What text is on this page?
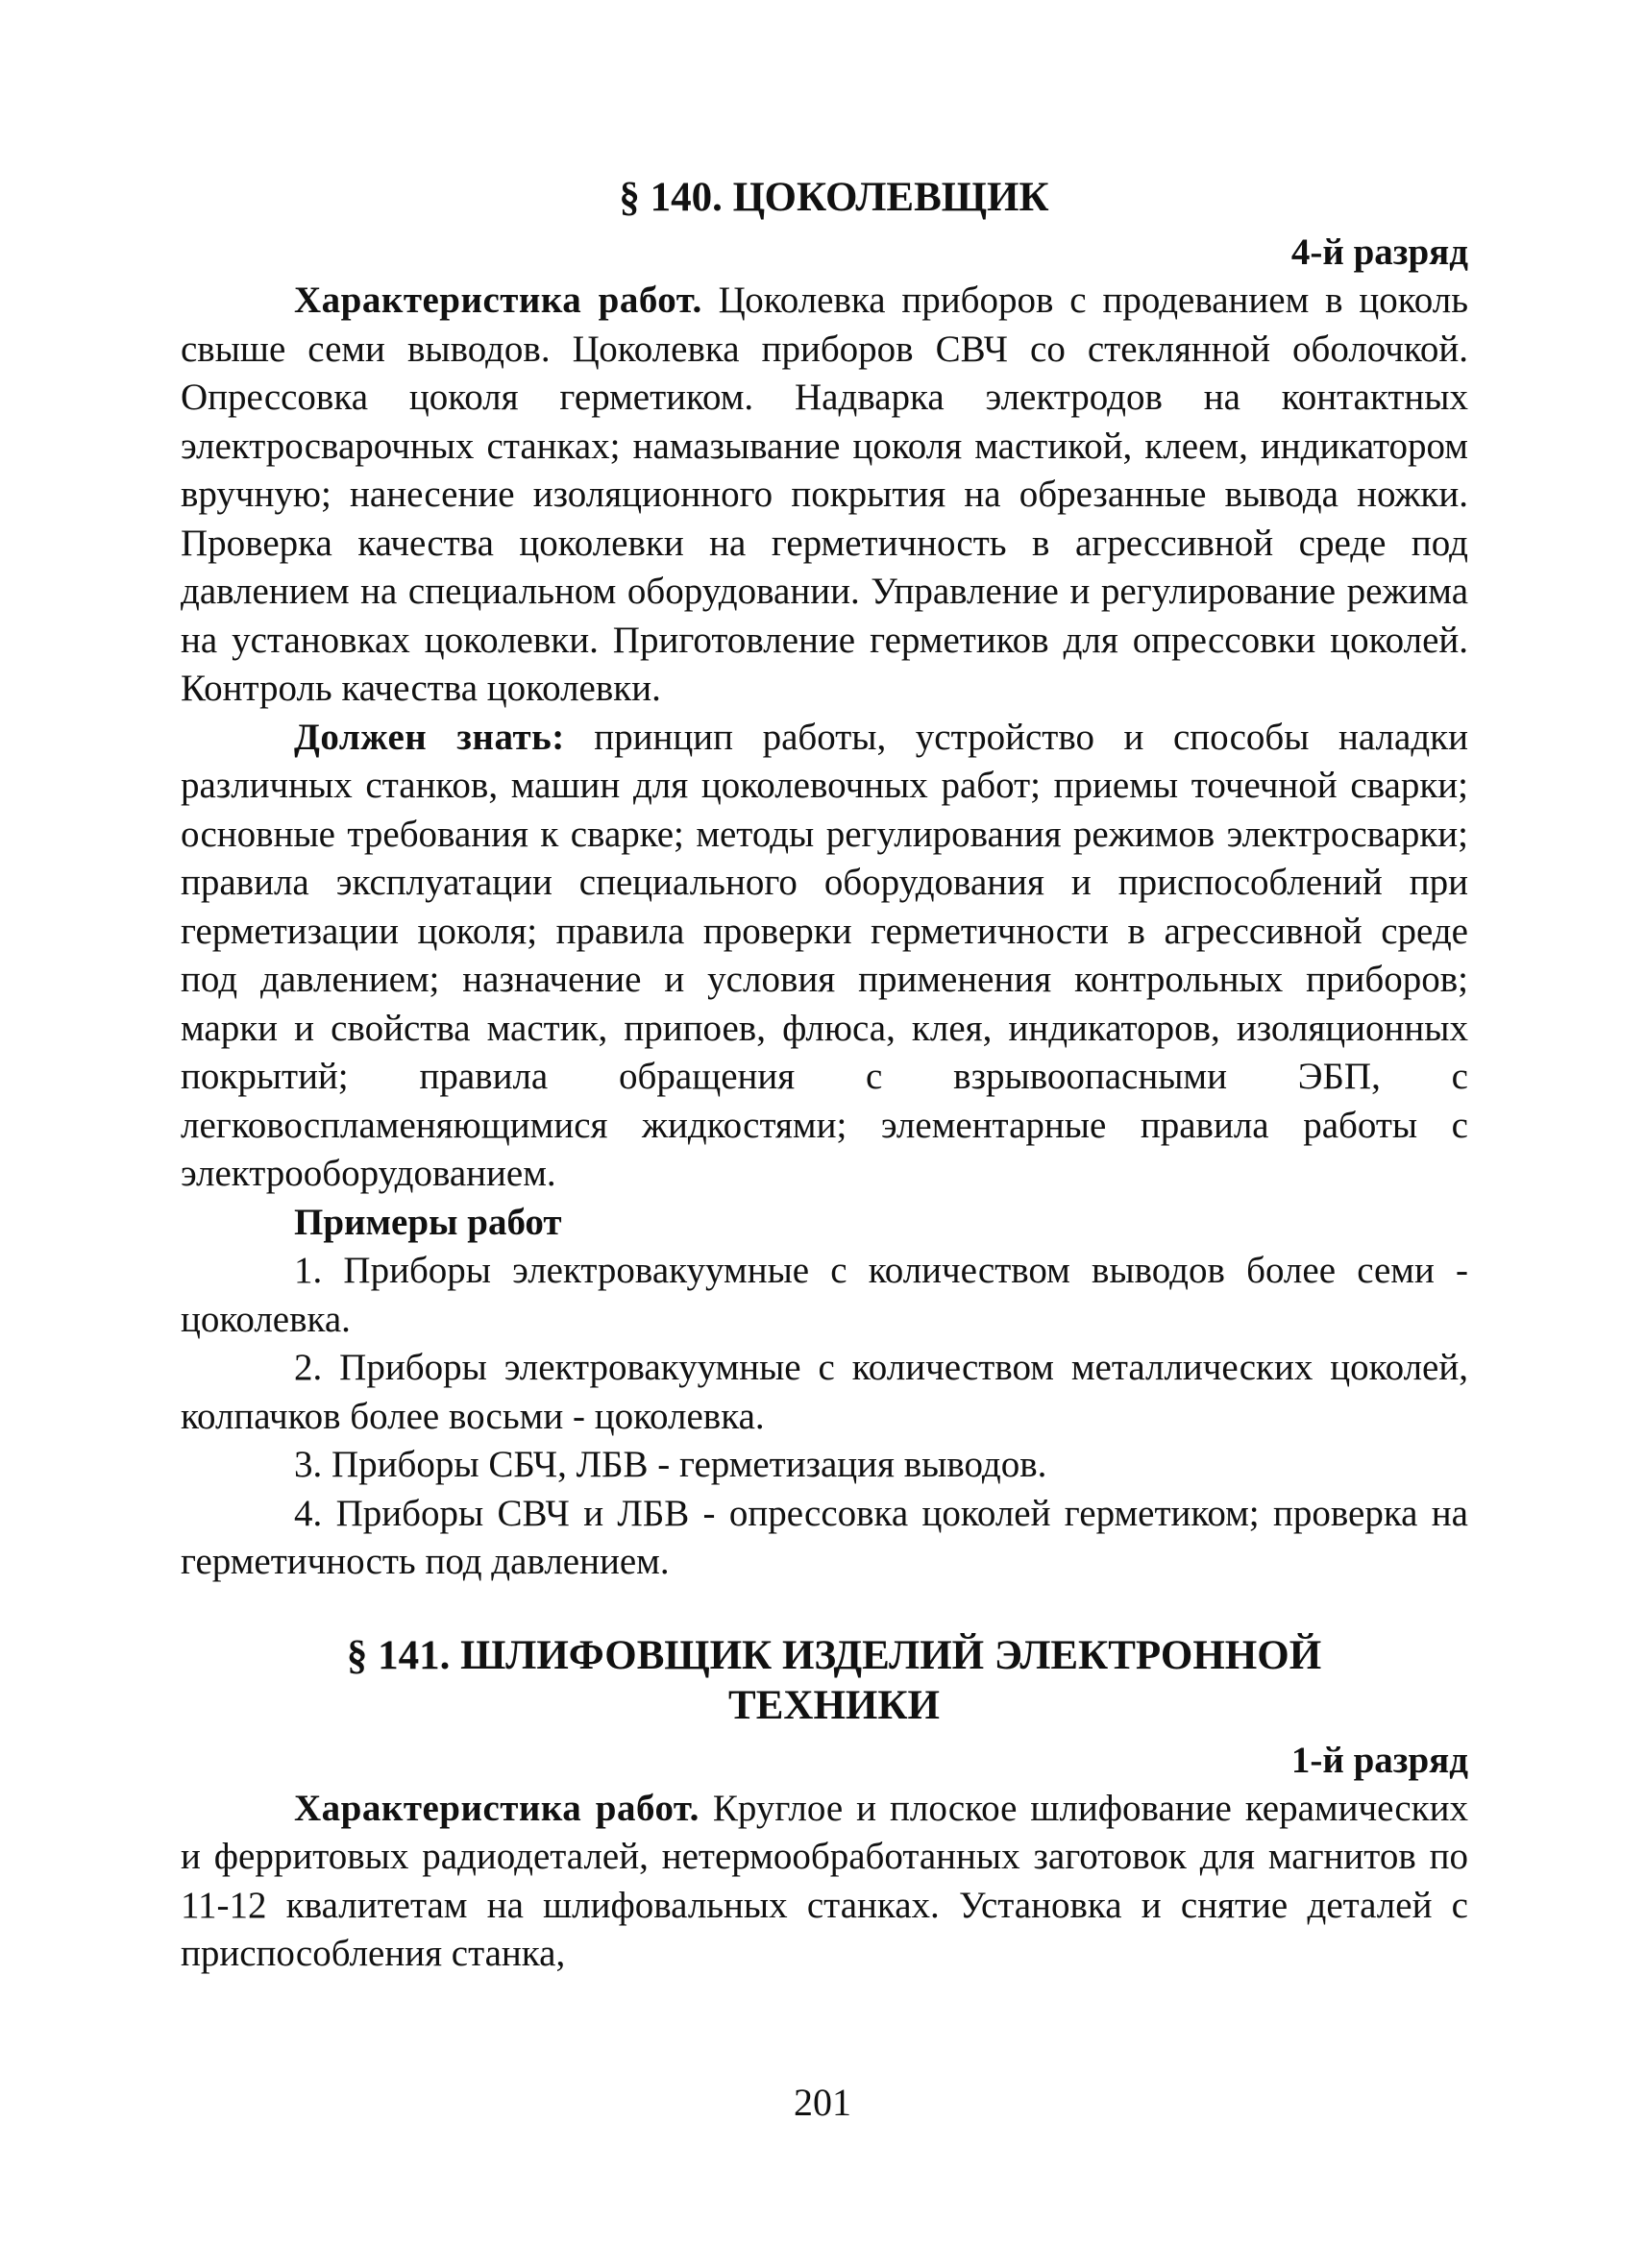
§ 140. ЦОКОЛЕВЩИК

4-й разряд

Характеристика работ. Цоколевка приборов с продеванием в цоколь свыше семи выводов. Цоколевка приборов СВЧ со стеклянной оболочкой. Опрессовка цоколя герметиком. Надварка электродов на контактных электросварочных станках; намазывание цоколя мастикой, клеем, индикатором вручную; нанесение изоляционного покрытия на обрезанные вывода ножки. Проверка качества цоколевки на герметичность в агрессивной среде под давлением на специальном оборудовании. Управление и регулирование режима на установках цоколевки. Приготовление герметиков для опрессовки цоколей. Контроль качества цоколевки.

Должен знать: принцип работы, устройство и способы наладки различных станков, машин для цоколевочных работ; приемы точечной сварки; основные требования к сварке; методы регулирования режимов электросварки; правила эксплуатации специального оборудования и приспособлений при герметизации цоколя; правила проверки герметичности в агрессивной среде под давлением; назначение и условия применения контрольных приборов; марки и свойства мастик, припоев, флюса, клея, индикаторов, изоляционных покрытий; правила обращения с взрывоопасными ЭБП, с легковоспламеняющимися жидкостями; элементарные правила работы с электрооборудованием.

Примеры работ

1. Приборы электровакуумные с количеством выводов более семи - цоколевка.

2. Приборы электровакуумные с количеством металлических цоколей, колпачков более восьми - цоколевка.

3. Приборы СБЧ, ЛБВ - герметизация выводов.

4. Приборы СВЧ и ЛБВ - опрессовка цоколей герметиком; проверка на герметичность под давлением.

§ 141. ШЛИФОВЩИК ИЗДЕЛИЙ ЭЛЕКТРОННОЙ
ТЕХНИКИ

1-й разряд

Характеристика работ. Круглое и плоское шлифование керамических и ферритовых радиодеталей, нетермообработанных заготовок для магнитов по 11-12 квалитетам на шлифовальных станках. Установка и снятие деталей с приспособления станка,

201
